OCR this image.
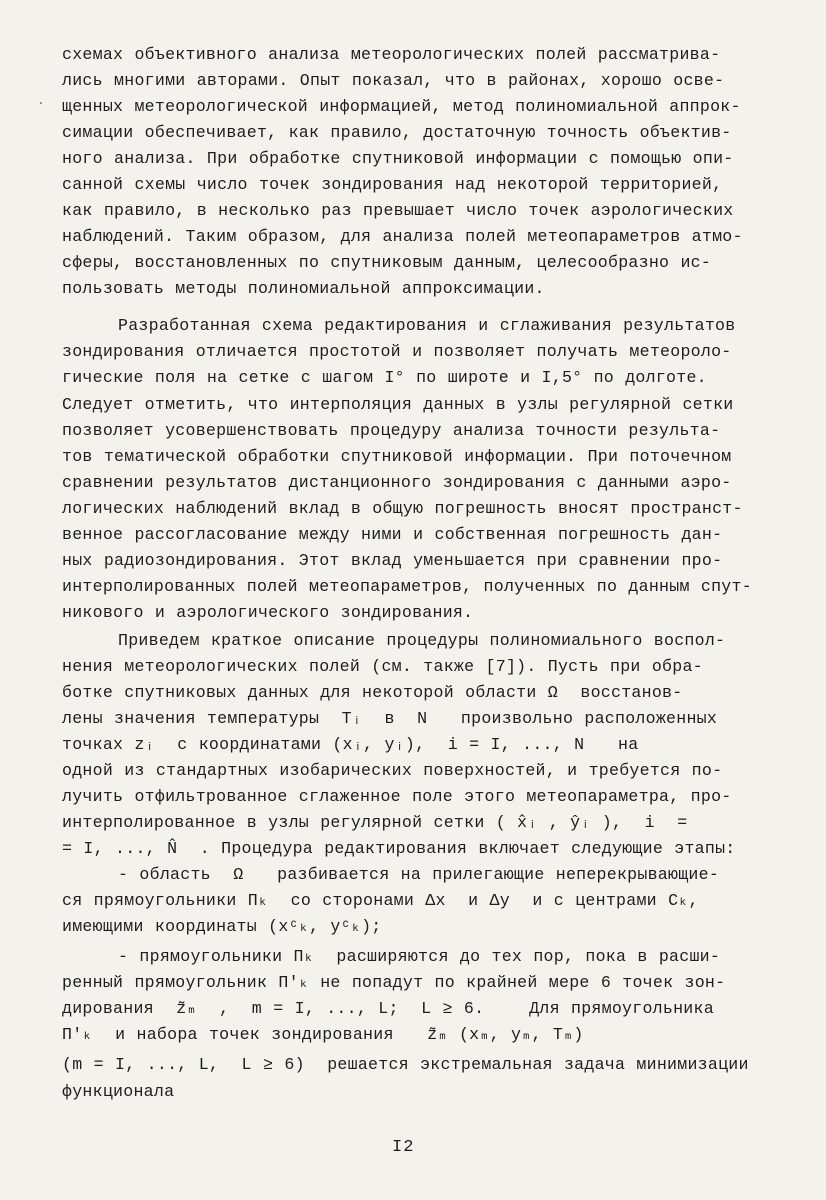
схемах объективного анализа метеорологических полей рассматрива-
лись многими авторами. Опыт показал, что в районах, хорошо освe-
щенных метеорологической информацией, метод полиномиальной аппрок-
симации обеспечивает, как правило, достаточную точность объектив-
ного анализа. При обработке спутниковой информации с помощью опи-
санной схемы число точек зондирования над некоторой территорией,
как правило, в несколько раз превышает число точек аэрологических
наблюдений. Таким образом, для анализа полей метеопараметров атмо-
сферы, восстановленных по спутниковым данным, целесообразно ис-
пользовать методы полиномиальной аппроксимации.
Разработанная схема редактирования и сглаживания результатов
зондирования отличается простотой и позволяет получать метеороло-
гические поля на сетке с шагом I° по широте и I,5° по долготе.
Следует отметить, что интерполяция данных в узлы регулярной сетки
позволяет усовершенствовать процедуру анализа точности результа-
тов тематической обработки спутниковой информации. При поточечном
сравнении результатов дистанционного зондирования с данными аэро-
логических наблюдений вклад в общую погрешность вносят пространст-
венное рассогласование между ними и собственная погрешность дан-
ных радиозондирования. Этот вклад уменьшается при сравнении про-
интерполированных полей метеопараметров, полученных по данным спут-
никового и аэрологического зондирования.
Приведем краткое описание процедуры полиномиального воспол-
нения метеорологических полей (см. также [7]). Пусть при обра-
ботке спутниковых данных для некоторой области Ω  восстанов-
лены значения температуры  Tᵢ  в  N   произвольно расположенных
точках zᵢ  с координатами (xᵢ, yᵢ),  i = I, ..., N   на
одной из стандартных изобарических поверхностей, и требуется по-
лучить отфильтрованное сглаженное поле этого метеопараметра, про-
интерполированное в узлы регулярной сетки ( x̂ᵢ , ŷᵢ ),  i  =
= I, ..., N̂  . Процедура редактирования включает следующие этапы:
- область  Ω   разбивается на прилегающие неперекрывающие-
ся прямоугольники Пₖ  со сторонами Δx  и Δy  и с центрами Cₖ,
имеющими координаты (xᶜₖ, yᶜₖ);
- прямоугольники Пₖ  расширяются до тех пор, пока в расши-
ренный прямоугольник П'ₖ не попадут по крайней мере 6 точек зон-
дирования  z̃ₘ  ,  m = I, ..., L;  L ≥ 6.    Для прямоугольника
П'ₖ  и набора точек зондирования   z̃ₘ (xₘ, yₘ, Tₘ)
(m = I, ..., L,  L ≥ 6)  решается экстремальная задача минимизации функционала
I2
